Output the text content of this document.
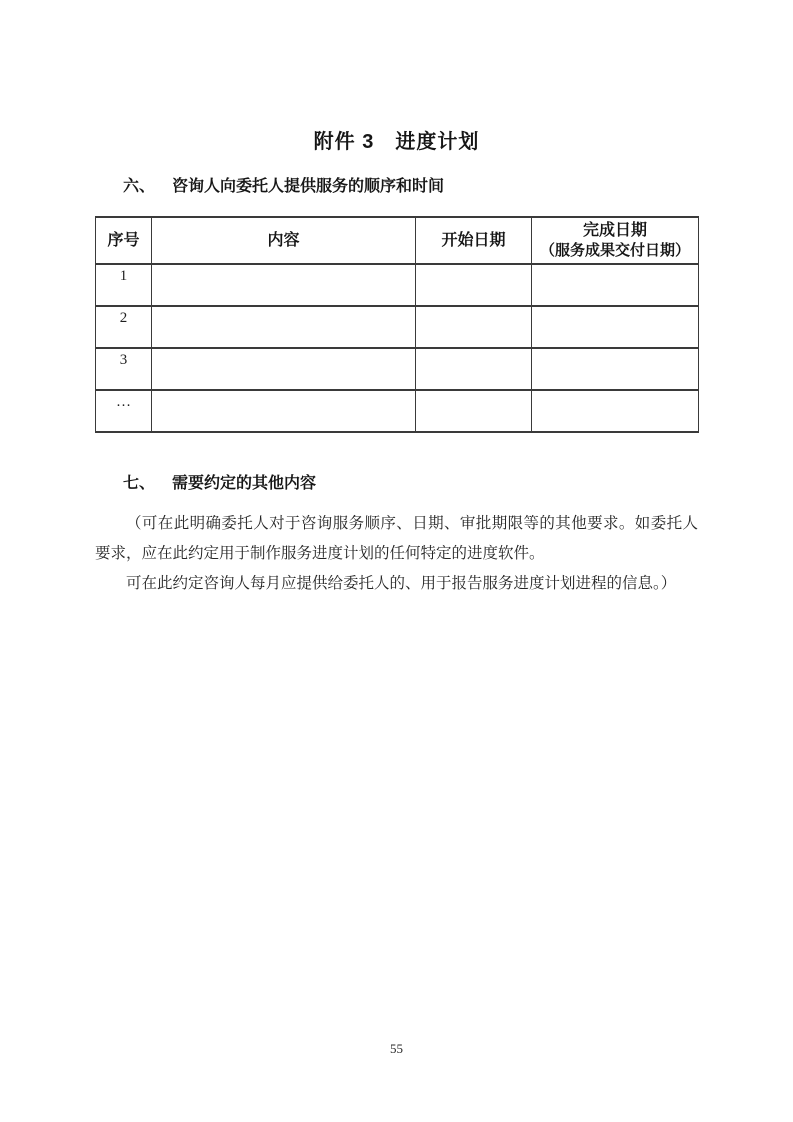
附件 3　进度计划
六、 咨询人向委托人提供服务的顺序和时间
序号	内容	开始日期	完成日期
（服务成果交付日期）

1			
2			
3			
…			
七、 需要约定的其他内容

（可在此明确委托人对于咨询服务顺序、日期、审批期限等的其他要求。如委托人

要求，应在此约定用于制作服务进度计划的任何特定的进度软件。

可在此约定咨询人每月应提供给委托人的、用于报告服务进度计划进程的信息。）

55
